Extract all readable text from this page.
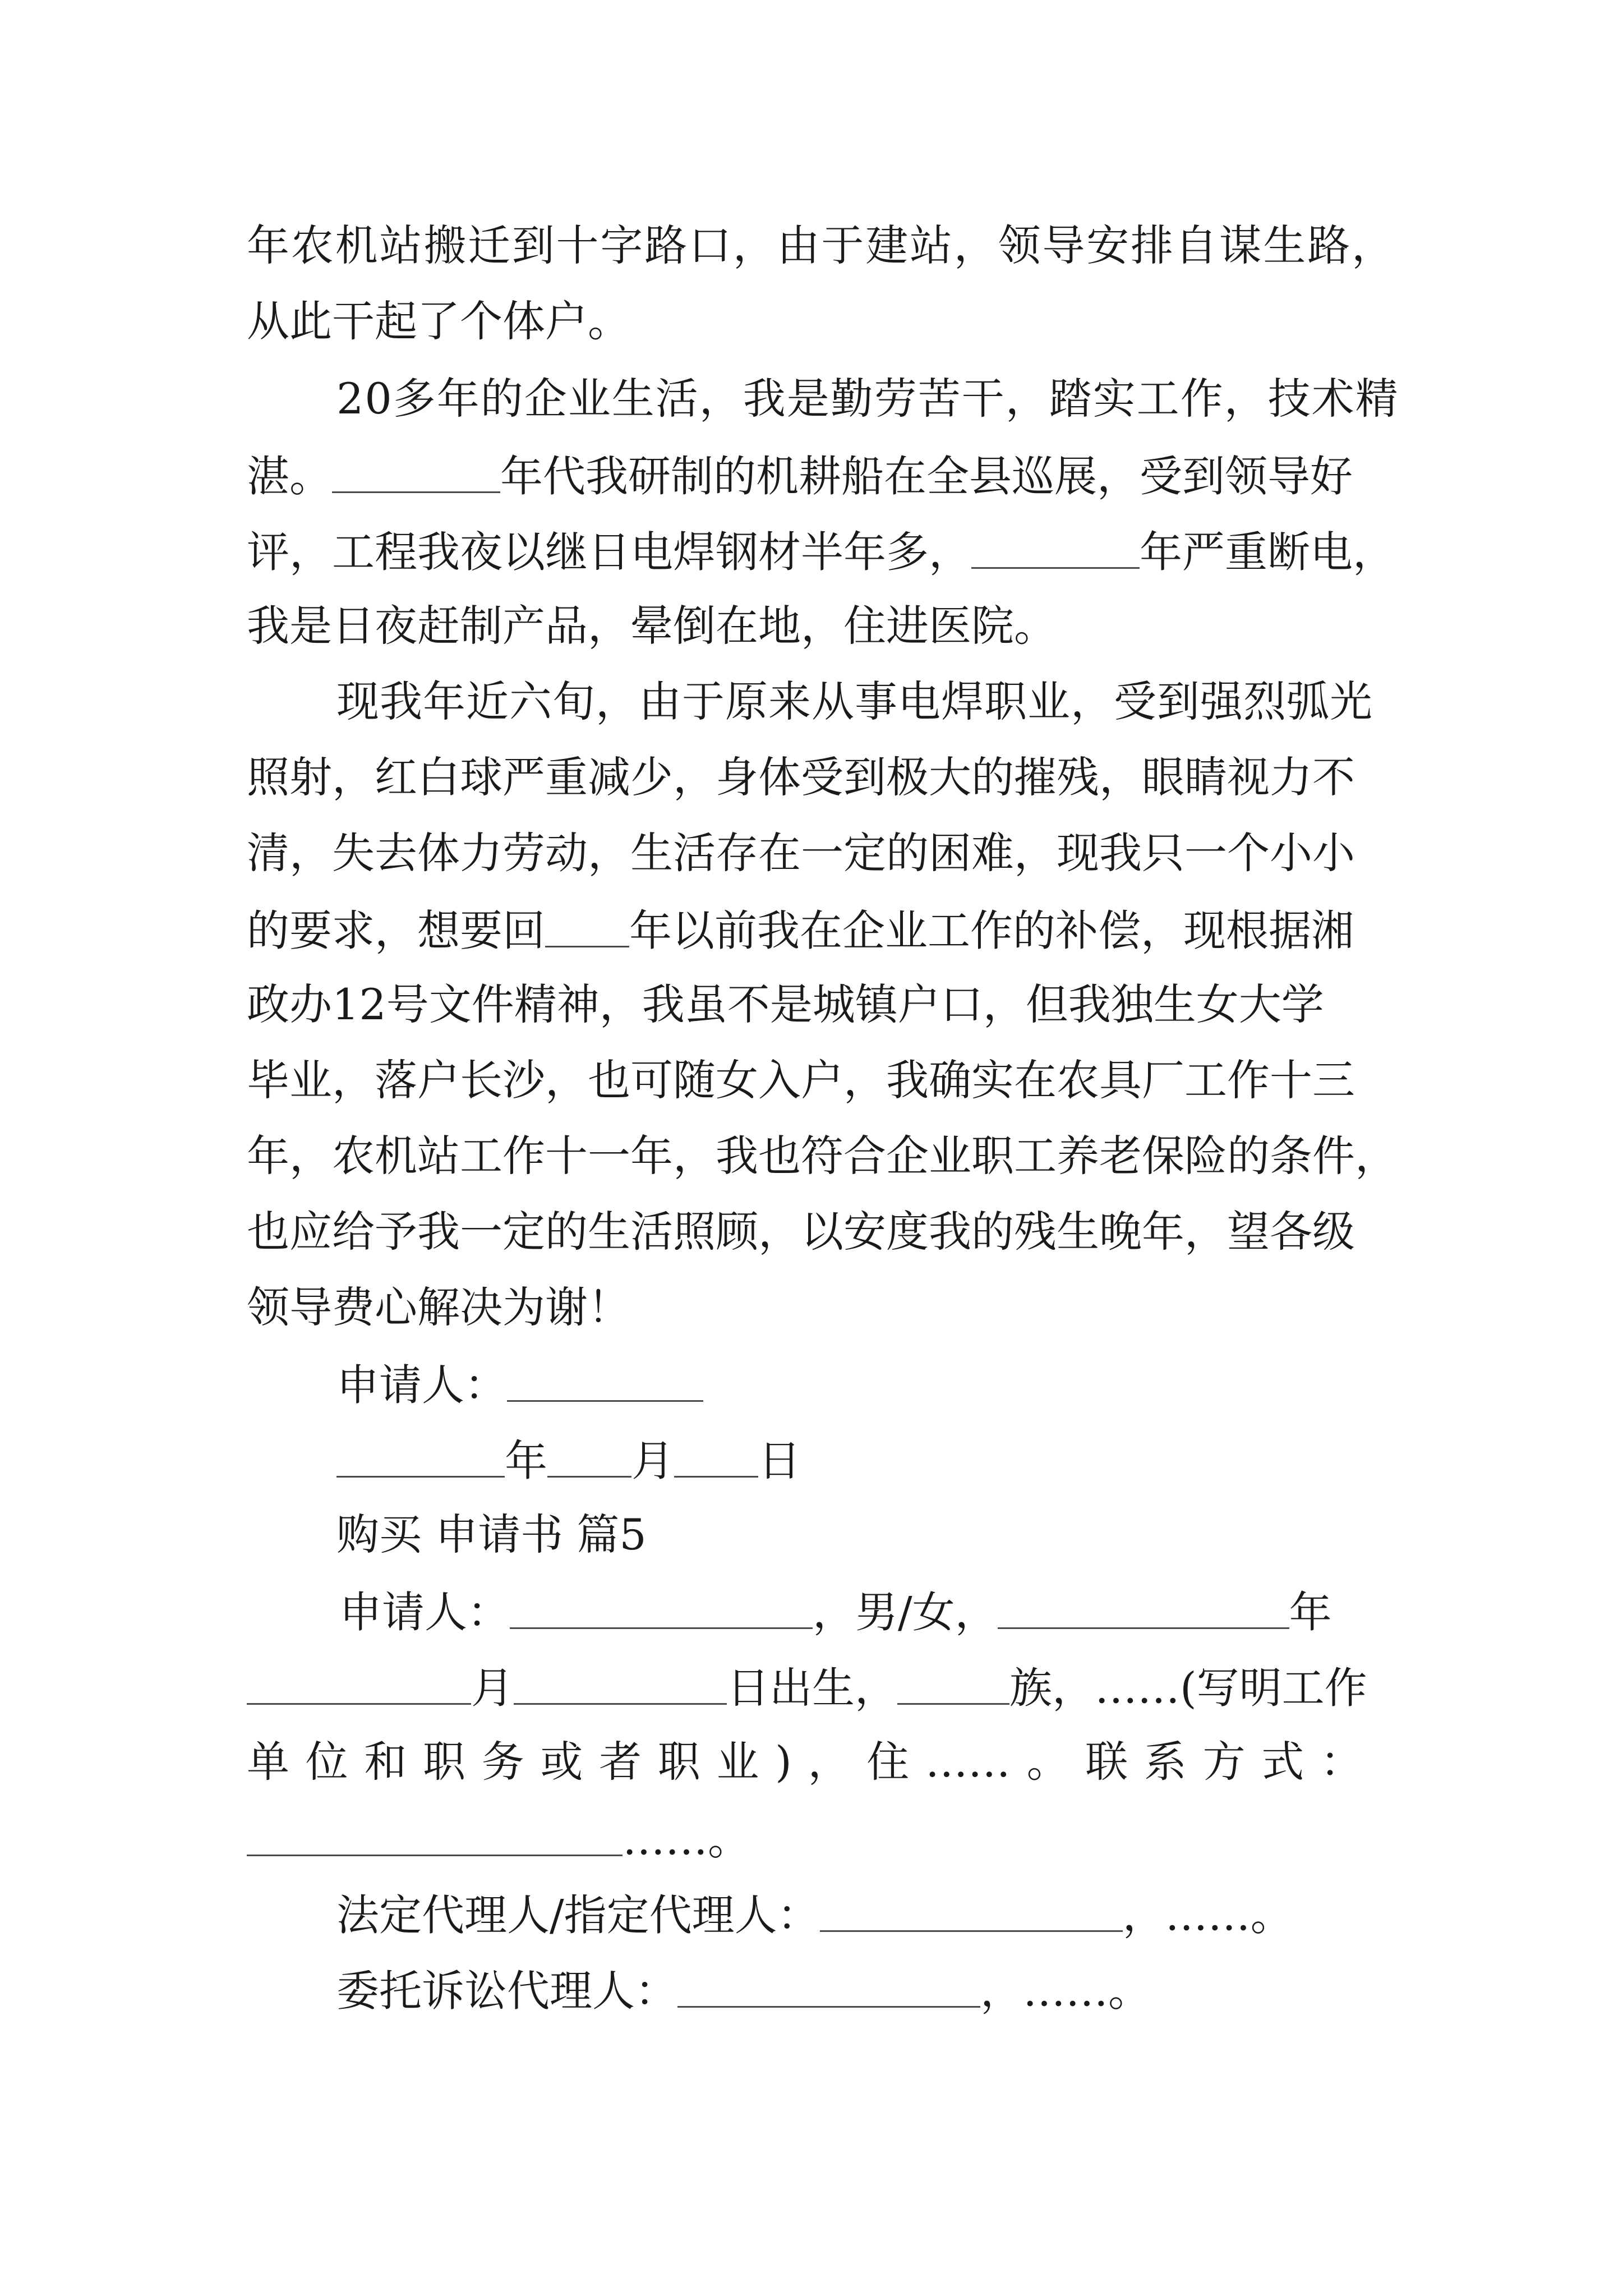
年农机站搬迁到十字路口，由于建站，领导安排自谋生路，
从此干起了个体户。
20多年的企业生活，我是勤劳苦干，踏实工作，技术精
湛。	年代我研制的机耕船在全县巡展，受到领导好
评，工程我夜以继日电焊钢材半年多，	年严重断电，
我是日夜赶制产品，晕倒在地，住进医院。
现我年近六旬，由于原来从事电焊职业，受到强烈弧光
照射，红白球严重减少，身体受到极大的摧残，眼睛视力不
清，失去体力劳动，生活存在一定的困难，现我只一个小小
的要求，想要回 年以前我在企业工作的补偿，现根据湘
政办12号文件精神，我虽不是城镇户口，但我独生女大学
毕业，落户长沙，也可随女入户，我确实在农具厂工作十三
年，农机站工作十一年，我也符合企业职工养老保险的条件，
也应给予我一定的生活照顾，以安度我的残生晚年，望各级
领导费心解决为谢！
申请人：
年 月 日
购买 申请书 篇5
申请人：	，男/女，	年
月	日出生，	族，……(写明工作
单位和职务或者职业)，住……。联系方式：
……。
法定代理人/指定代理人：	，……。
委托诉讼代理人：	，……。
